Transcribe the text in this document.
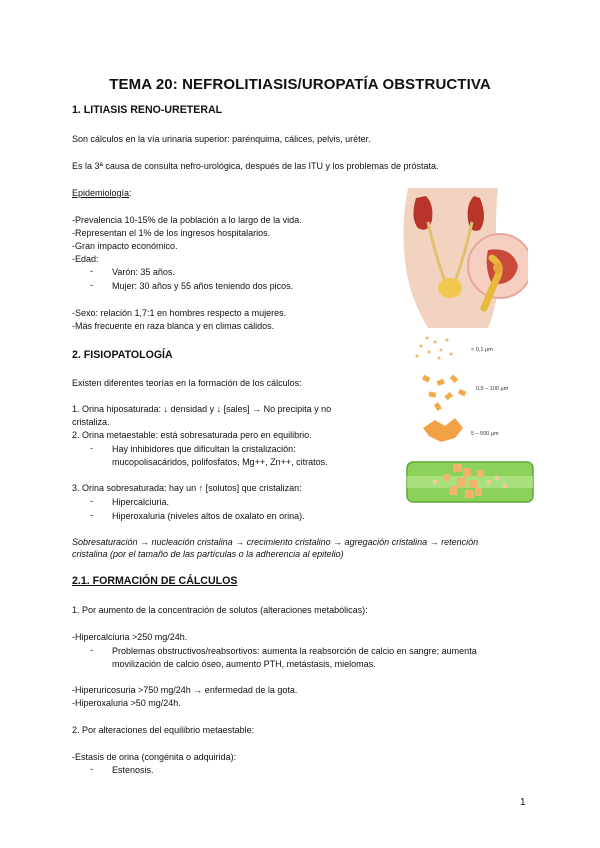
TEMA 20: NEFROLITIASIS/UROPATÍA OBSTRUCTIVA
1. LITIASIS RENO-URETERAL
Son cálculos en la vía urinaria superior: parénquima, cálices, pelvis, uréter.
Es la 3ª causa de consulta nefro-urológica, después de las ITU y los problemas de próstata.
Epidemiología:
-Prevalencia 10-15% de la población a lo largo de la vida.
-Representan el 1% de los ingresos hospitalarios.
-Gran impacto económico.
-Edad:
- Varón: 35 años.
- Mujer: 30 años y 55 años teniendo dos picos.
-Sexo: relación 1,7:1 en hombres respecto a mujeres.
-Más frecuente en raza blanca y en climas cálidos.
2. FISIOPATOLOGÍA
Existen diferentes teorías en la formación de los cálculos:
1. Orina hiposaturada: ↓ densidad y ↓ [sales] → No precipita y no
cristaliza.
2. Orina metaestable: está sobresaturada pero en equilibrio.
- Hay inhibidores que dificultan la cristalización:
mucopolisacáridos, polifosfatos, Mg++, Zn++, citratos.
3. Orina sobresaturada: hay un ↑ [solutos] que cristalizan:
- Hipercalciuria.
- Hiperoxaluria (niveles altos de oxalato en orina).
Sobresaturación → nucleación cristalina → crecimiento cristalino → agregación cristalina → retención
cristalina (por el tamaño de las partículas o la adherencia al epitelio)
< 0,1 µm
0,5 – 100 µm
5 – 500 µm
2.1. FORMACIÓN DE CÁLCULOS
1. Por aumento de la concentración de solutos (alteraciones metabólicas):
-Hipercalciuria >250 mg/24h.
- Problemas obstructivos/reabsortivos: aumenta la reabsorción de calcio en sangre; aumenta
movilización de calcio óseo, aumento PTH, metástasis, mielomas.
-Hiperuricosuria >750 mg/24h → enfermedad de la gota.
-Hiperoxaluria >50 mg/24h.
2. Por alteraciones del equilibrio metaestable:
-Estasis de orina (congénita o adquirida):
- Estenosis.
1
